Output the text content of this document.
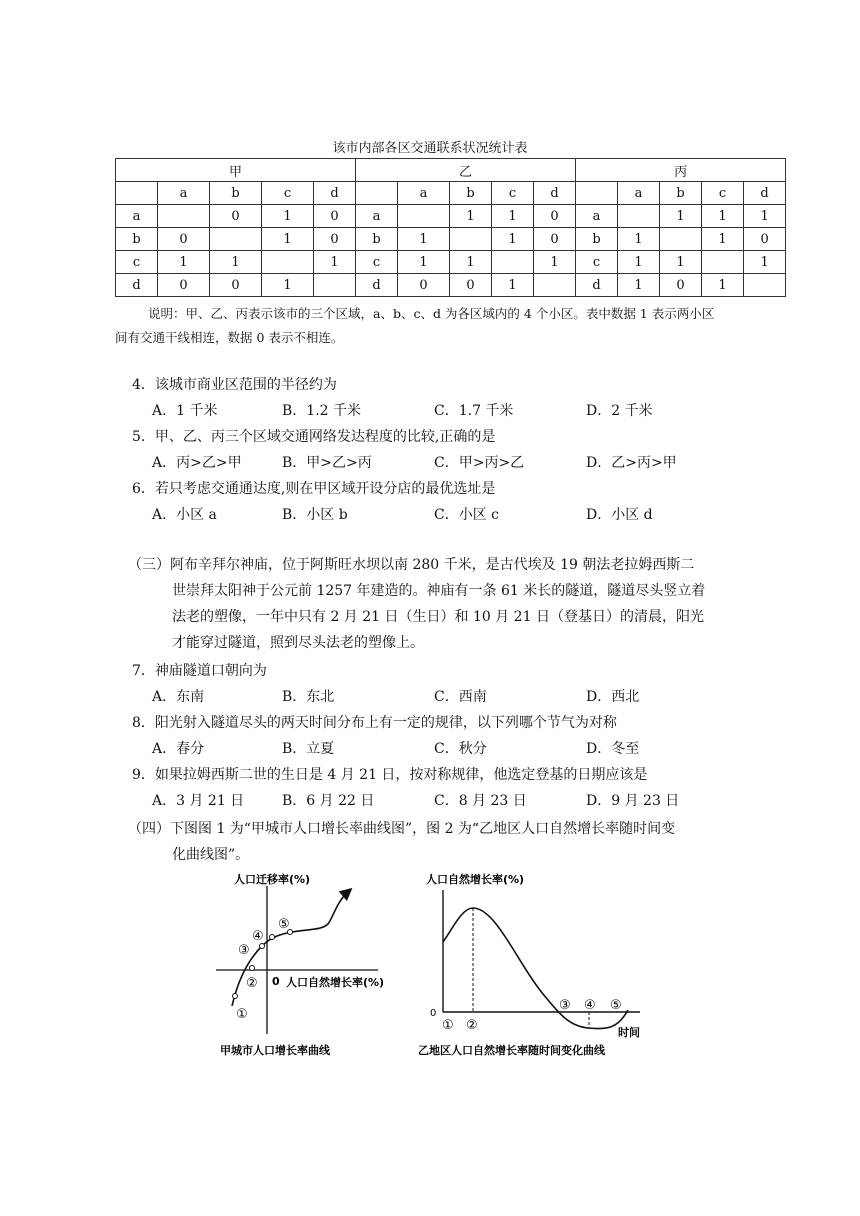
该市内部各区交通联系状况统计表
甲					乙					丙				
	a	b	c	d		a	b	c	d		a	b	c	d
a		0	1	0	a		1	1	0	a		1	1	1
b	0		1	0	b	1		1	0	b	1		1	0
c	1	1		1	c	1	1		1	c	1	1		1
d	0	0	1		d	0	0	1		d	1	0	1	
说明：甲、乙、丙表示该市的三个区域，a、b、c、d 为各区域内的 4 个小区。表中数据 1 表示两小区
间有交通干线相连，数据 0 表示不相连。
4．该城市商业区范围的半径约为
A．1 千米	B．1.2 千米	C．1.7 千米	D．2 千米
5．甲、乙、丙三个区域交通网络发达程度的比较,正确的是
A．丙>乙>甲	B．甲>乙>丙	C．甲>丙>乙	D．乙>丙>甲
6．若只考虑交通通达度,则在甲区域开设分店的最优选址是
A．小区 a	B．小区 b	C．小区 c	D．小区 d
（三）阿布辛拜尔神庙，位于阿斯旺水坝以南 280 千米，是古代埃及 19 朝法老拉姆西斯二
世崇拜太阳神于公元前 1257 年建造的。神庙有一条 61 米长的隧道，隧道尽头竖立着
法老的塑像，一年中只有 2 月 21 日（生日）和 10 月 21 日（登基日）的清晨，阳光
才能穿过隧道，照到尽头法老的塑像上。
7．神庙隧道口朝向为
A．东南	B．东北	C．西南	D．西北
8．阳光射入隧道尽头的两天时间分布上有一定的规律，以下列哪个节气为对称
A．春分	B．立夏	C．秋分	D．冬至
9．如果拉姆西斯二世的生日是 4 月 21 日，按对称规律，他选定登基的日期应该是
A．3 月 21 日	B．6 月 22 日	C．8 月 23 日	D．9 月 23 日
（四）下图图 1 为“甲城市人口增长率曲线图”，图 2 为“乙地区人口自然增长率随时间变
化曲线图”。
人口迁移率(%)
0 人口自然增长率(%)
①
②
③
④
⑤
甲城市人口增长率曲线
人口自然增长率(%)
0
① ②
③ ④ ⑤
时间
乙地区人口自然增长率随时间变化曲线
